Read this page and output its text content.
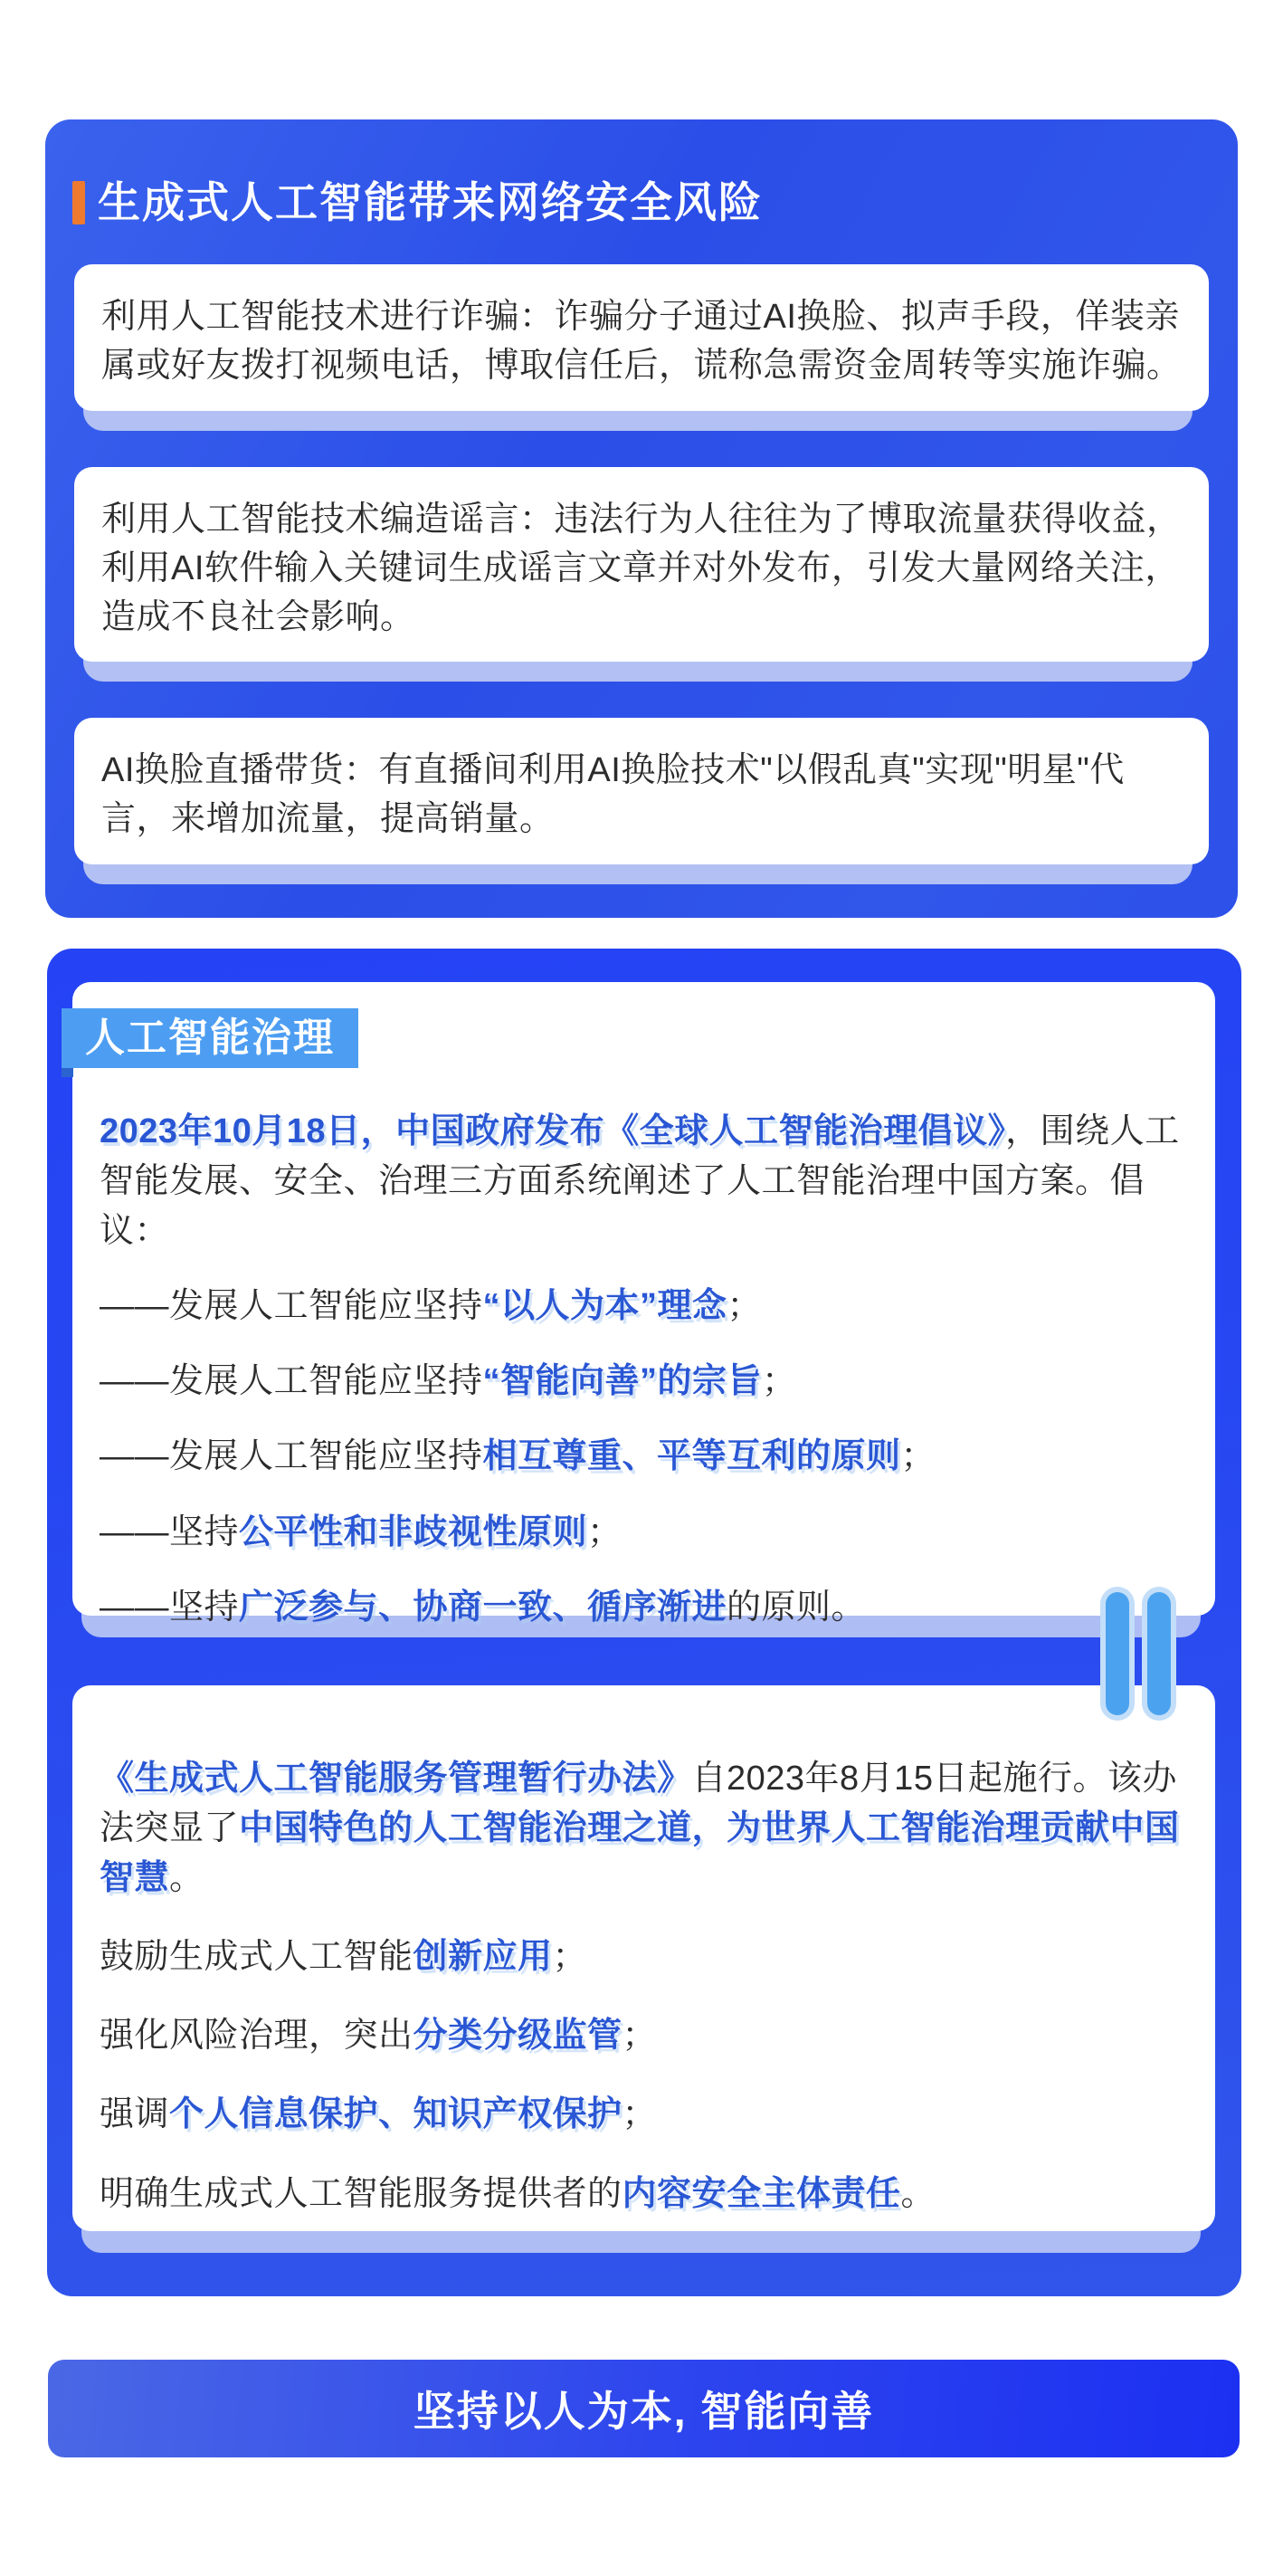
生成式人工智能带来网络安全风险
利用人工智能技术进行诈骗：诈骗分子通过AI换脸、拟声手段，佯装亲属或好友拨打视频电话，博取信任后，谎称急需资金周转等实施诈骗。
利用人工智能技术编造谣言：违法行为人往往为了博取流量获得收益，利用AI软件输入关键词生成谣言文章并对外发布，引发大量网络关注，造成不良社会影响。
AI换脸直播带货：有直播间利用AI换脸技术"以假乱真"实现"明星"代言，来增加流量，提高销量。
人工智能治理
2023年10月18日，中国政府发布《全球人工智能治理倡议》，围绕人工智能发展、安全、治理三方面系统阐述了人工智能治理中国方案。倡议：
——发展人工智能应坚持“以人为本”理念；
——发展人工智能应坚持“智能向善”的宗旨；
——发展人工智能应坚持相互尊重、平等互利的原则；
——坚持公平性和非歧视性原则；
——坚持广泛参与、协商一致、循序渐进的原则。
《生成式人工智能服务管理暂行办法》自2023年8月15日起施行。该办法突显了中国特色的人工智能治理之道，为世界人工智能治理贡献中国智慧。
鼓励生成式人工智能创新应用；
强化风险治理，突出分类分级监管；
强调个人信息保护、知识产权保护；
明确生成式人工智能服务提供者的内容安全主体责任。
坚持以人为本, 智能向善
